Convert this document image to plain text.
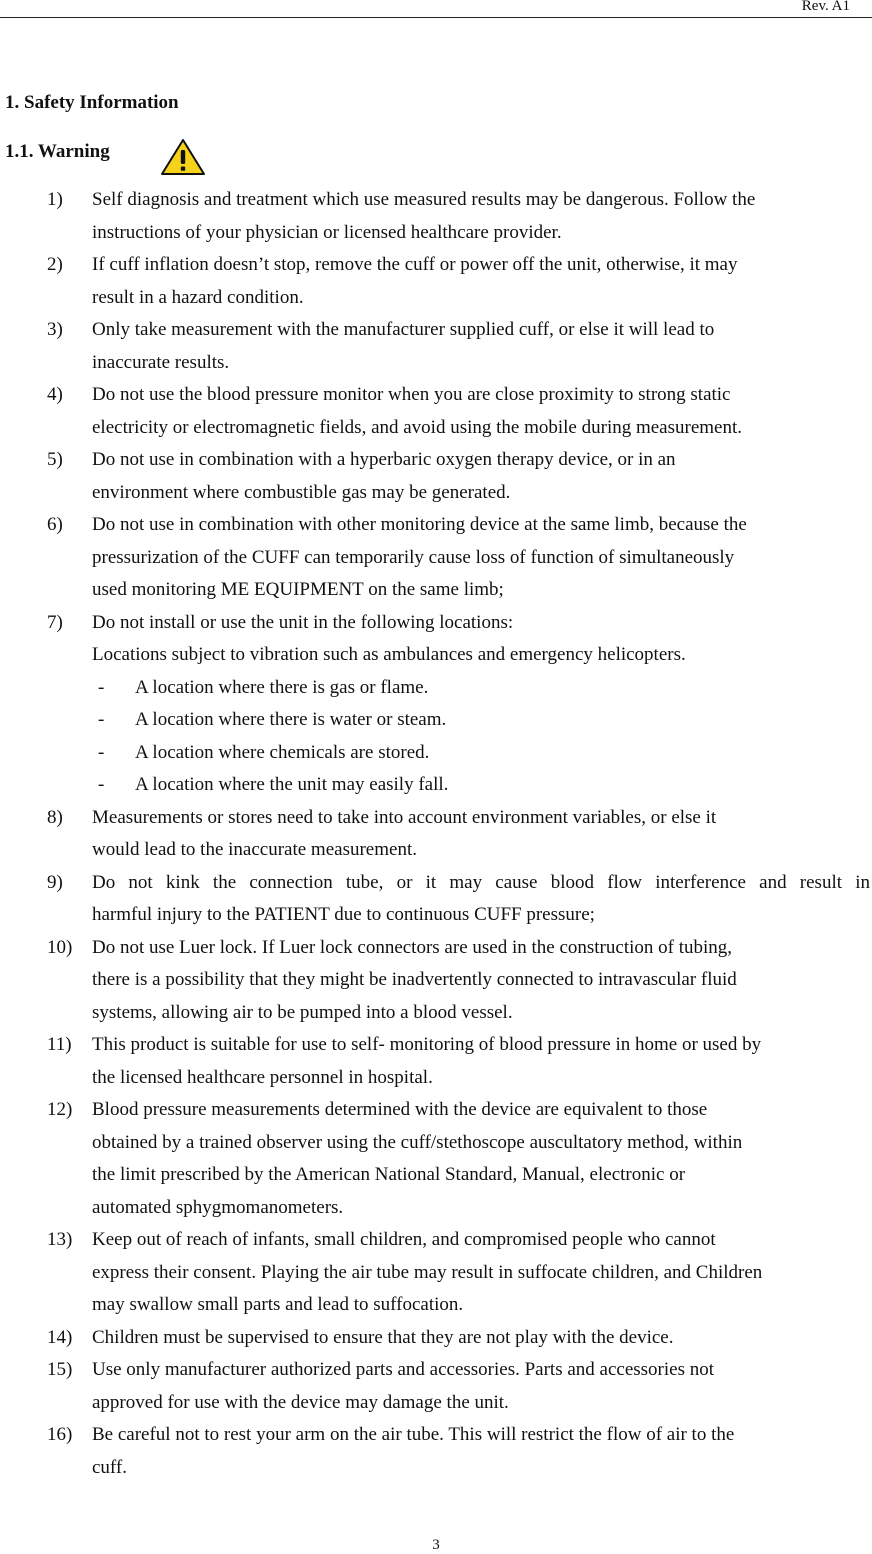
Rev. A1
1. Safety Information
1.1. Warning
1)	Self diagnosis and treatment which use measured results may be dangerous. Follow the
instructions of your physician or licensed healthcare provider.
2)	If cuff inflation doesn’t stop, remove the cuff or power off the unit, otherwise, it may
result in a hazard condition.
3)	Only take measurement with the manufacturer supplied cuff, or else it will lead to
inaccurate results.
4)	Do not use the blood pressure monitor when you are close proximity to strong static
electricity or electromagnetic fields, and avoid using the mobile during measurement.
5)	Do not use in combination with a hyperbaric oxygen therapy device, or in an
environment where combustible gas may be generated.
6)	Do not use in combination with other monitoring device at the same limb, because the
pressurization of the CUFF can temporarily cause loss of function of simultaneously
used monitoring ME EQUIPMENT on the same limb;
7)	Do not install or use the unit in the following locations:
Locations subject to vibration such as ambulances and emergency helicopters.
-	A location where there is gas or flame.
-	A location where there is water or steam.
-	A location where chemicals are stored.
-	A location where the unit may easily fall.
8)	Measurements or stores need to take into account environment variables, or else it
would lead to the inaccurate measurement.
9)	Do not kink the connection tube, or it may cause blood flow interference and result in
harmful injury to the PATIENT due to continuous CUFF pressure;
10)	Do not use Luer lock. If Luer lock connectors are used in the construction of tubing,
there is a possibility that they might be inadvertently connected to intravascular fluid
systems, allowing air to be pumped into a blood vessel.
11)	This product is suitable for use to self- monitoring of blood pressure in home or used by
the licensed healthcare personnel in hospital.
12)	Blood pressure measurements determined with the device are equivalent to those
obtained by a trained observer using the cuff/stethoscope auscultatory method, within
the limit prescribed by the American National Standard, Manual, electronic or
automated sphygmomanometers.
13)	Keep out of reach of infants, small children, and compromised people who cannot
express their consent. Playing the air tube may result in suffocate children, and Children
may swallow small parts and lead to suffocation.
14)	Children must be supervised to ensure that they are not play with the device.
15)	Use only manufacturer authorized parts and accessories. Parts and accessories not
approved for use with the device may damage the unit.
16)	Be careful not to rest your arm on the air tube. This will restrict the flow of air to the
cuff.
3
